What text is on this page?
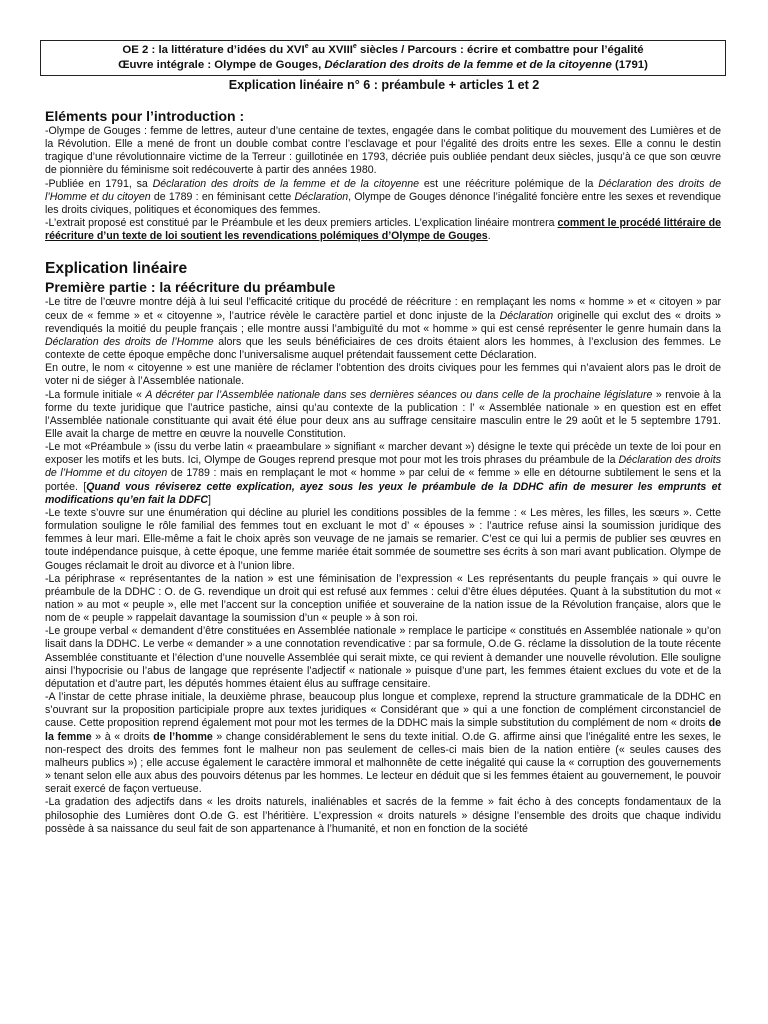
OE 2 : la littérature d’idées du XVIe au XVIIIe siècles / Parcours : écrire et combattre pour l’égalité
Œuvre intégrale : Olympe de Gouges, Déclaration des droits de la femme et de la citoyenne (1791)
Explication linéaire n° 6 : préambule + articles 1 et 2
Eléments pour l’introduction :

-Olympe de Gouges : femme de lettres, auteur d’une centaine de textes, engagée dans le combat politique du mouvement des Lumières et de la Révolution. Elle a mené de front un double combat contre l’esclavage et pour l’égalité des droits entre les sexes. Elle a connu le destin tragique d’une révolutionnaire victime de la Terreur : guillotinée en 1793, décriée puis oubliée pendant deux siècles, jusqu’à ce que son œuvre de pionnière du féminisme soit redécouverte à partir des années 1980.

-Publiée en 1791, sa Déclaration des droits de la femme et de la citoyenne est une réécriture polémique de la Déclaration des droits de l’Homme et du citoyen de 1789 : en féminisant cette Déclaration, Olympe de Gouges dénonce l’inégalité foncière entre les sexes et revendique les droits civiques, politiques et économiques des femmes.

-L’extrait proposé est constitué par le Préambule et les deux premiers articles. L’explication linéaire montrera comment le procédé littéraire de réécriture d’un texte de loi soutient les revendications polémiques d’Olympe de Gouges.

Explication linéaire
Première partie : la réécriture du préambule

-Le titre de l’œuvre montre déjà à lui seul l’efficacité critique du procédé de réécriture : en remplaçant les noms « homme » et « citoyen » par ceux de « femme » et « citoyenne », l’autrice révèle le caractère partiel et donc injuste de la Déclaration originelle qui exclut des « droits » revendiqués la moitié du peuple français ; elle montre aussi l’ambiguïté du mot « homme » qui est censé représenter le genre humain dans la Déclaration des droits de l’Homme alors que les seuls bénéficiaires de ces droits étaient alors les hommes, à l’exclusion des femmes. Le contexte de cette époque empêche donc l’universalisme auquel prétendait faussement cette Déclaration.

En outre, le nom « citoyenne » est une manière de réclamer l’obtention des droits civiques pour les femmes qui n’avaient alors pas le droit de voter ni de siéger à l’Assemblée nationale.

-La formule initiale « A décréter par l’Assemblée nationale dans ses dernières séances ou dans celle de la prochaine législature » renvoie à la forme du texte juridique que l’autrice pastiche, ainsi qu’au contexte de la publication : l’ « Assemblée nationale » en question est en effet l’Assemblée nationale constituante qui avait été élue pour deux ans au suffrage censitaire masculin entre le 29 août et le 5 septembre 1791. Elle avait la charge de mettre en œuvre la nouvelle Constitution.

-Le mot «Préambule » (issu du verbe latin « praeambulare » signifiant « marcher devant ») désigne le texte qui précède un texte de loi pour en exposer les motifs et les buts. Ici, Olympe de Gouges reprend presque mot pour mot les trois phrases du préambule de la Déclaration des droits de l’Homme et du citoyen de 1789 : mais en remplaçant le mot « homme » par celui de « femme » elle en détourne subtilement le sens et la portée. [Quand vous réviserez cette explication, ayez sous les yeux le préambule de la DDHC afin de mesurer les emprunts et modifications qu’en fait la DDFC]

-Le texte s’ouvre sur une énumération qui décline au pluriel les conditions possibles de la femme : « Les mères, les filles, les sœurs ». Cette formulation souligne le rôle familial des femmes tout en excluant le mot d’ « épouses » : l’autrice refuse ainsi la soumission juridique des femmes à leur mari. Elle-même a fait le choix après son veuvage de ne jamais se remarier. C’est ce qui lui a permis de publier ses œuvres en toute indépendance puisque, à cette époque, une femme mariée était sommée de soumettre ses écrits à son mari avant publication. Olympe de Gouges réclamait le droit au divorce et à l’union libre.

-La périphrase « représentantes de la nation » est une féminisation de l’expression « Les représentants du peuple français » qui ouvre le préambule de la DDHC : O. de G. revendique un droit qui est refusé aux femmes : celui d’être élues députées. Quant à la substitution du mot « nation » au mot « peuple », elle met l’accent sur la conception unifiée et souveraine de la nation issue de la Révolution française, alors que le nom de « peuple » rappelait davantage la soumission d’un « peuple » à son roi.

-Le groupe verbal « demandent d’être constituées en Assemblée nationale » remplace le participe « constitués en Assemblée nationale » qu’on lisait dans la DDHC. Le verbe « demander » a une connotation revendicative : par sa formule, O.de G. réclame la dissolution de la toute récente Assemblée constituante et l’élection d’une nouvelle Assemblée qui serait mixte, ce qui revient à demander une nouvelle révolution. Elle souligne ainsi l’hypocrisie ou l’abus de langage que représente l’adjectif « nationale » puisque d’une part, les femmes étaient exclues du vote et de la députation et d’autre part, les députés hommes étaient élus au suffrage censitaire.

-A l’instar de cette phrase initiale, la deuxième phrase, beaucoup plus longue et complexe, reprend la structure grammaticale de la DDHC en s’ouvrant sur la proposition participiale propre aux textes juridiques « Considérant que » qui a une fonction de complément circonstanciel de cause. Cette proposition reprend également mot pour mot les termes de la DDHC mais la simple substitution du complément de nom « droits de la femme » à « droits de l’homme » change considérablement le sens du texte initial. O.de G. affirme ainsi que l’inégalité entre les sexes, le non-respect des droits des femmes font le malheur non pas seulement de celles-ci mais bien de la nation entière (« seules causes des malheurs publics ») ; elle accuse également le caractère immoral et malhonnête de cette inégalité qui cause la « corruption des gouvernements » tenant selon elle aux abus des pouvoirs détenus par les hommes. Le lecteur en déduit que si les femmes étaient au gouvernement, le pouvoir serait exercé de façon vertueuse.

-La gradation des adjectifs dans « les droits naturels, inaliénables et sacrés de la femme » fait écho à des concepts fondamentaux de la philosophie des Lumières dont O.de G. est l’héritière. L’expression « droits naturels » désigne l’ensemble des droits que chaque individu possède à sa naissance du seul fait de son appartenance à l’humanité, et non en fonction de la société
